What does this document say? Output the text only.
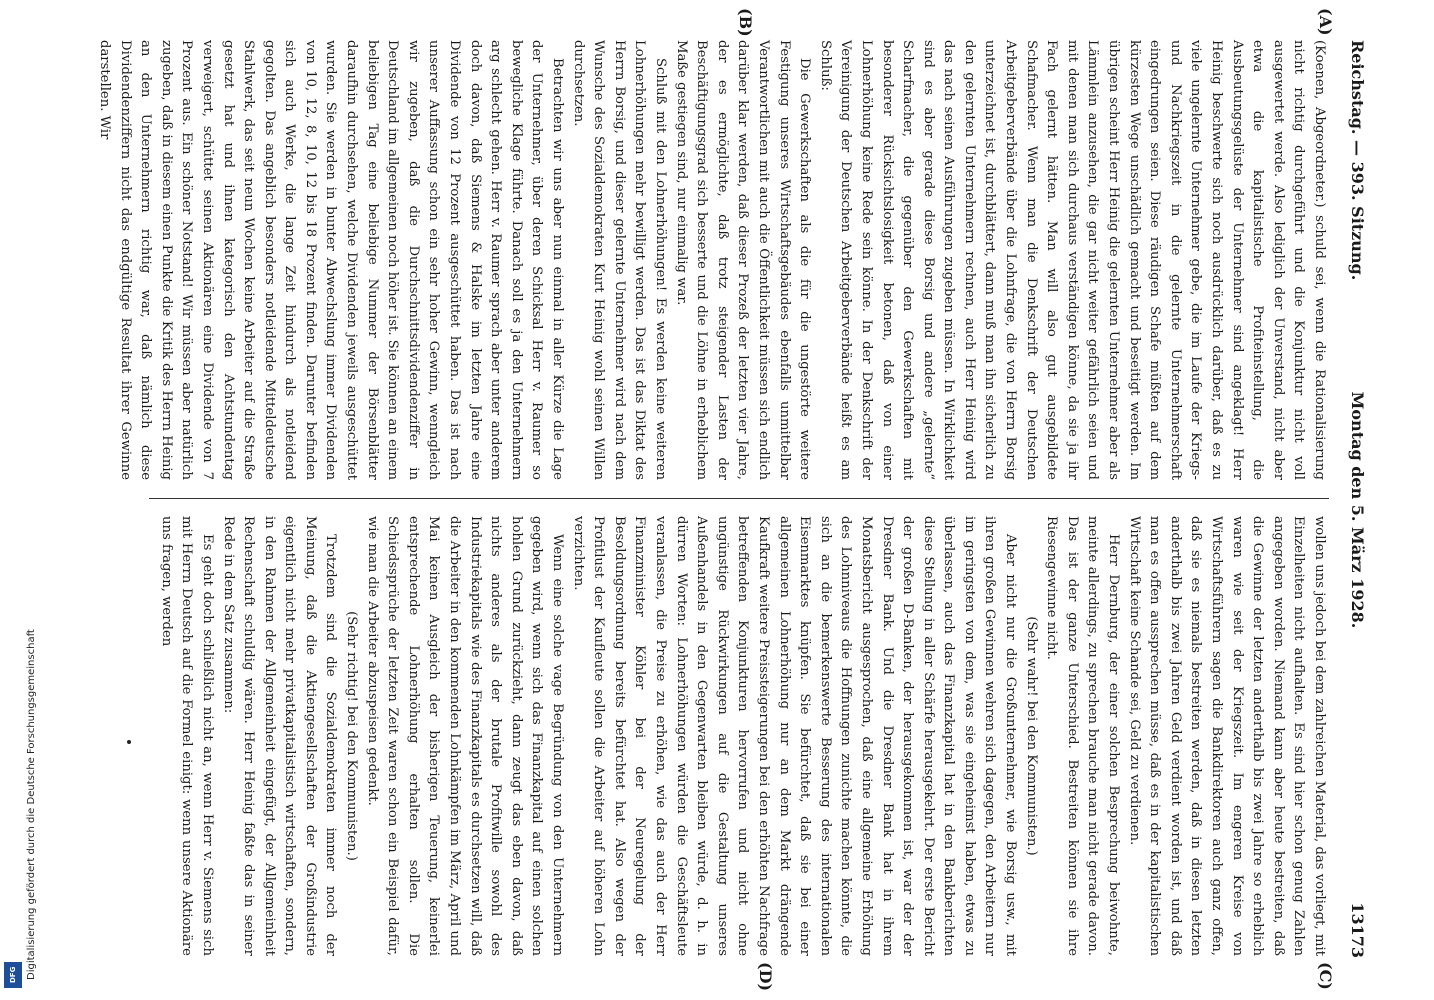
Reichstag. — 393. Sitzung.
Montag den 5. März 1928.
13173

(Koenen, Abgeordneter.) schuld sei, wenn die Rationalisierung nicht richtig durchgeführt und die Konjunktur nicht voll ausgewertet werde. Also lediglich der Unverstand, nicht aber etwa die kapitalistische Profiteinstellung, die Ausbeutungsgelüste der Unternehmer sind angeklagt! Herr Heinig beschwerte sich noch ausdrücklich darüber, daß es zu viele ungelernte Unternehmer gebe, die im Laufe der Kriegs- und Nachkriegszeit in die gelernte Unternehmerschaft eingedrungen seien. Diese räudigen Schafe müßten auf dem kürzesten Wege unschädlich gemacht und beseitigt werden. Im übrigen scheint Herr Heinig die gelernten Unternehmer aber als Lämmlein anzusehen, die gar nicht weiter gefährlich seien und mit denen man sich durchaus verständigen könne, da sie ja ihr Fach gelernt hätten. Man will also gut ausgebildete Schafmacher. Wenn man die Denkschrift der Deutschen Arbeitgeberverbände über die Lohnfrage, die von Herrn Borsig unterzeichnet ist, durchblättert, dann muß man ihn sicherlich zu den gelernten Unternehmern rechnen, auch Herr Heinig wird das nach seinen Ausführungen zugeben müssen. In Wirklichkeit sind es aber gerade diese Borsig und andere „gelernte“ Scharfmacher, die gegenüber den Gewerkschaften mit besonderer Rücksichtslosigkeit betonen, daß von einer Lohnerhöhung keine Rede sein könne. In der Denkschrift der Vereinigung der Deutschen Arbeitgeberverbände heißt es am Schluß:

Die Gewerkschaften als die für die ungestörte weitere Festigung unseres Wirtschaftsgebäudes ebenfalls unmittelbar Verantwortlichen mit auch die Öffentlichkeit müssen sich endlich darüber klar werden, daß dieser Prozeß der letzten vier Jahre, der es ermöglichte, daß trotz steigender Lasten der Beschäftigungsgrad sich besserte und die Löhne in erheblichem Maße gestiegen sind, nur einmalig war.

Schluß mit den Lohnerhöhungen! Es werden keine weiteren Lohnerhöhungen mehr bewilligt werden. Das ist das Diktat des Herrn Borsig, und dieser gelernte Unternehmer wird nach dem Wunsche des Sozialdemokraten Kurt Heinig wohl seinen Willen durchsetzen.

Betrachten wir uns aber nun einmal in aller Kürze die Lage der Unternehmer, über deren Schicksal Herr v. Raumer so bewegliche Klage führte. Danach soll es ja den Unternehmern arg schlecht gehen. Herr v. Raumer sprach aber unter anderem doch davon, daß Siemens & Halske im letzten Jahre eine Dividende von 12 Prozent ausgeschüttet haben. Das ist nach unserer Auffassung schon ein sehr hoher Gewinn, wenngleich wir zugeben, daß die Durchschnittsdividendenziffer in Deutschland im allgemeinen noch höher ist. Sie können an einem beliebigen Tag eine beliebige Nummer der Börsenblätter daraufhin durchsehen, welche Dividenden jeweils ausgeschüttet wurden. Sie werden in bunter Abwechslung immer Dividenden von 10, 12, 8, 10, 12 bis 18 Prozent finden. Darunter befinden sich auch Werke, die lange Zeit hindurch als notleidend gegolten. Das angeblich besonders notleidende Mitteldeutsche Stahlwerk, das seit neun Wochen keine Arbeiter auf die Straße gesetzt hat und ihnen kategorisch den Achtstundentag verweigert, schüttet seinen Aktionären eine Dividende von 7 Prozent aus. Ein schöner Notstand! Wir müssen aber natürlich zugeben, daß in diesem einen Punkte die Kritik des Herrn Heinig an den Unternehmern richtig war, daß nämlich diese Dividendenziffern nicht das endgültige Resultat ihrer Gewinne darstellen. Wir

wollen uns jedoch bei dem zahlreichen Material, das vorliegt, mit Einzelheiten nicht aufhalten. Es sind hier schon genug Zahlen angegeben worden. Niemand kann aber heute bestreiten, daß die Gewinne der letzten anderthalb bis zwei Jahre so erheblich waren wie seit der Kriegszeit. Im engeren Kreise von Wirtschaftsführern sagen die Bankdirektoren auch ganz offen, daß sie es niemals bestreiten werden, daß in diesen letzten anderthalb bis zwei Jahren Geld verdient worden ist, und daß man es offen aussprechen müsse, daß es in der kapitalistischen Wirtschaft keine Schande sei, Geld zu verdienen.

Herr Dernburg, der einer solchen Besprechung beiwohnte, meinte allerdings, zu sprechen brauche man nicht gerade davon. Das ist der ganze Unterschied. Bestreiten können sie ihre Riesengewinne nicht.

(Sehr wahr! bei den Kommunisten.)

Aber nicht nur die Großunternehmer, wie Borsig usw., mit ihren großen Gewinnen wehren sich dagegen, den Arbeitern nur im geringsten von dem, was sie eingeheimst haben, etwas zu überlassen, auch das Finanzkapital hat in den Bankberichten diese Stellung in aller Schärfe herausgekehrt. Der erste Bericht der großen D-Banken, der herausgekommen ist, war der der Dresdner Bank. Und die Dresdner Bank hat in ihrem Monatsbericht ausgesprochen, daß eine allgemeine Erhöhung des Lohnniveaus die Hoffnungen zunichte machen könnte, die sich an die bemerkenswerte Besserung des internationalen Eisenmarktes knüpfen. Sie befürchtet, daß sie bei einer allgemeinen Lohnerhöhung nur an dem Markt drängende Kaufkraft weitere Preissteigerungen bei den erhöhten Nachfrage betreffenden Konjunkturen hervorrufen und nicht ohne ungünstige Rückwirkungen auf die Gestaltung unseres Außenhandels in den Gegenwarten bleiben würde, d. h. in dürren Worten: Lohnerhöhungen würden die Geschäftsleute veranlassen, die Preise zu erhöhen, wie das auch der Herr Finanzminister Köhler bei der Neuregelung der Besoldungsordnung bereits befürchtet hat. Also wegen der Profitlust der Kaufleute sollen die Arbeiter auf höheren Lohn verzichten.

Wenn eine solche vage Begründung von den Unternehmern gegeben wird, wenn sich das Finanzkapital auf einen solchen hohlen Grund zurückzieht, dann zeugt das eben davon, daß nichts anderes als der brutale Profitwille sowohl des Industriekapitals wie des Finanzkapitals es durchsetzen will, daß die Arbeiter in den kommenden Lohnkämpfen im März, April und Mai keinen Ausgleich der bisherigen Teuerung, keinerlei entsprechende Lohnerhöhung erhalten sollen. Die Schiedssprüche der letzten Zeit waren schon ein Beispiel dafür, wie man die Arbeiter abzuspeisen gedenkt.

(Sehr richtig! bei den Kommunisten.)

Trotzdem sind die Sozialdemokraten immer noch der Meinung, daß die Aktiengesellschaften der Großindustrie eigentlich nicht mehr privatkapitalistisch wirtschaften, sondern, in den Rahmen der Allgemeinheit eingefügt, der Allgemeinheit Rechenschaft schuldig wären. Herr Heinig faßte das in seiner Rede in dem Satz zusammen:

Es geht doch schließlich nicht an, wenn Herr v. Siemens sich mit Herrn Deutsch auf die Formel einigt: wenn unsere Aktionäre uns fragen, werden

(A)
(B)
(C)
(D)
Digitalisierung gefördert durch die Deutsche Forschungsgemeinschaft
DFG
